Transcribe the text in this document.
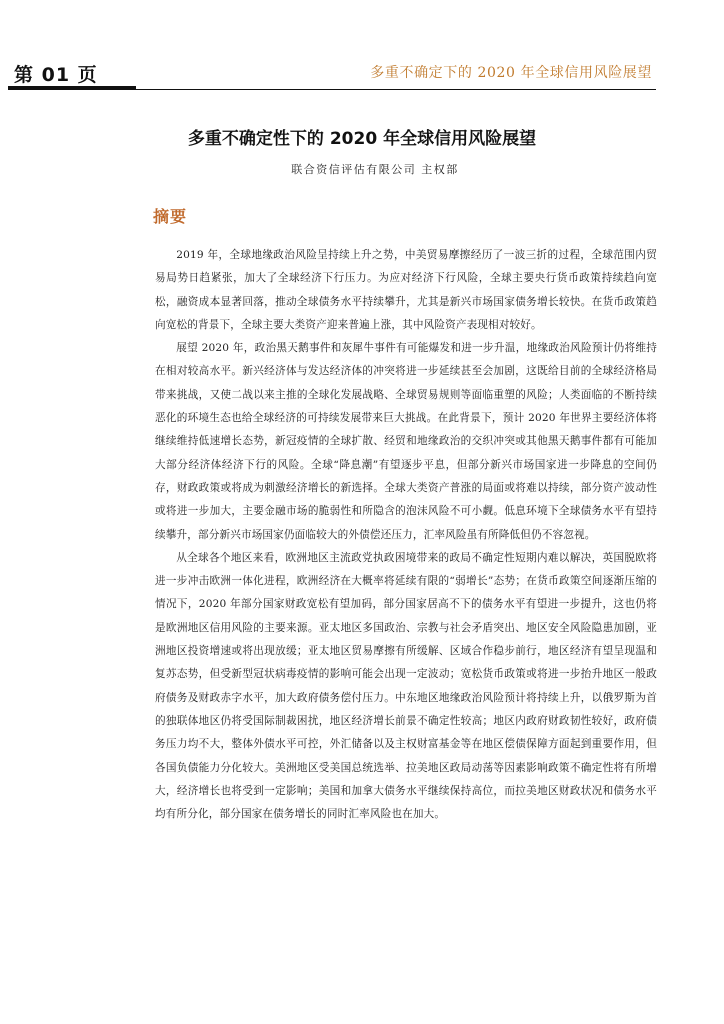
第 01 页	多重不确定下的 2020 年全球信用风险展望
多重不确定性下的 2020 年全球信用风险展望
联合资信评估有限公司 主权部
摘要

2019 年，全球地缘政治风险呈持续上升之势，中美贸易摩擦经历了一波三折的过程，全球范围内贸易局势日趋紧张，加大了全球经济下行压力。为应对经济下行风险，全球主要央行货币政策持续趋向宽松，融资成本显著回落，推动全球债务水平持续攀升，尤其是新兴市场国家债务增长较快。在货币政策趋向宽松的背景下，全球主要大类资产迎来普遍上涨，其中风险资产表现相对较好。

展望 2020 年，政治黑天鹅事件和灰犀牛事件有可能爆发和进一步升温，地缘政治风险预计仍将维持在相对较高水平。新兴经济体与发达经济体的冲突将进一步延续甚至会加剧，这既给目前的全球经济格局带来挑战，又使二战以来主推的全球化发展战略、全球贸易规则等面临重塑的风险；人类面临的不断持续恶化的环境生态也给全球经济的可持续发展带来巨大挑战。在此背景下，预计 2020 年世界主要经济体将继续维持低速增长态势，新冠疫情的全球扩散、经贸和地缘政治的交织冲突或其他黑天鹅事件都有可能加大部分经济体经济下行的风险。全球“降息潮”有望逐步平息，但部分新兴市场国家进一步降息的空间仍存，财政政策或将成为刺激经济增长的新选择。全球大类资产普涨的局面或将难以持续，部分资产波动性或将进一步加大，主要金融市场的脆弱性和所隐含的泡沫风险不可小觑。低息环境下全球债务水平有望持续攀升，部分新兴市场国家仍面临较大的外债偿还压力，汇率风险虽有所降低但仍不容忽视。

从全球各个地区来看，欧洲地区主流政党执政困境带来的政局不确定性短期内难以解决，英国脱欧将进一步冲击欧洲一体化进程，欧洲经济在大概率将延续有限的“弱增长”态势；在货币政策空间逐渐压缩的情况下，2020 年部分国家财政宽松有望加码，部分国家居高不下的债务水平有望进一步提升，这也仍将是欧洲地区信用风险的主要来源。亚太地区多国政治、宗教与社会矛盾突出、地区安全风险隐患加剧，亚洲地区投资增速或将出现放缓；亚太地区贸易摩擦有所缓解、区域合作稳步前行，地区经济有望呈现温和复苏态势，但受新型冠状病毒疫情的影响可能会出现一定波动；宽松货币政策或将进一步抬升地区一般政府债务及财政赤字水平，加大政府债务偿付压力。中东地区地缘政治风险预计将持续上升，以俄罗斯为首的独联体地区仍将受国际制裁困扰，地区经济增长前景不确定性较高；地区内政府财政韧性较好，政府债务压力均不大，整体外债水平可控，外汇储备以及主权财富基金等在地区偿债保障方面起到重要作用，但各国负债能力分化较大。美洲地区受美国总统选举、拉美地区政局动荡等因素影响政策不确定性将有所增大，经济增长也将受到一定影响；美国和加拿大债务水平继续保持高位，而拉美地区财政状况和债务水平均有所分化，部分国家在债务增长的同时汇率风险也在加大。
